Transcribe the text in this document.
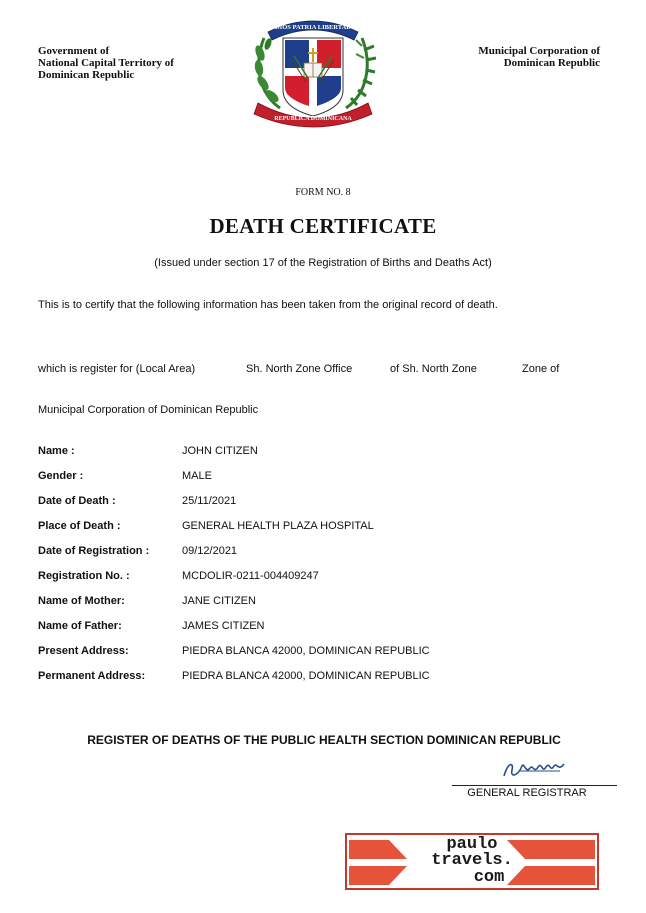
Government of
National Capital Territory of
Dominican Republic
DIOS PATRIA LIBERTAD
REPUBLICA DOMINICANA
Municipal Corporation of
Dominican Republic
FORM NO. 8
DEATH CERTIFICATE
(Issued under section 17 of the Registration of Births and Deaths Act)
This is to certify that the following information has been taken from the original record of death.
which is register for (Local Area)	Sh. North Zone Office	of Sh. North Zone	Zone of
Municipal Corporation of Dominican Republic
Name :	JOHN CITIZEN
Gender :	MALE
Date of Death :	25/11/2021
Place of Death :	GENERAL HEALTH PLAZA HOSPITAL
Date of Registration :	09/12/2021
Registration No. :	MCDOLIR-0211-004409247
Name of Mother:	JANE CITIZEN
Name of Father:	JAMES CITIZEN
Present Address:	PIEDRA BLANCA 42000, DOMINICAN REPUBLIC
Permanent Address:	PIEDRA BLANCA 42000, DOMINICAN REPUBLIC
REGISTER OF DEATHS OF THE PUBLIC HEALTH SECTION DOMINICAN REPUBLIC
GENERAL REGISTRAR
paulo
travels.
com
